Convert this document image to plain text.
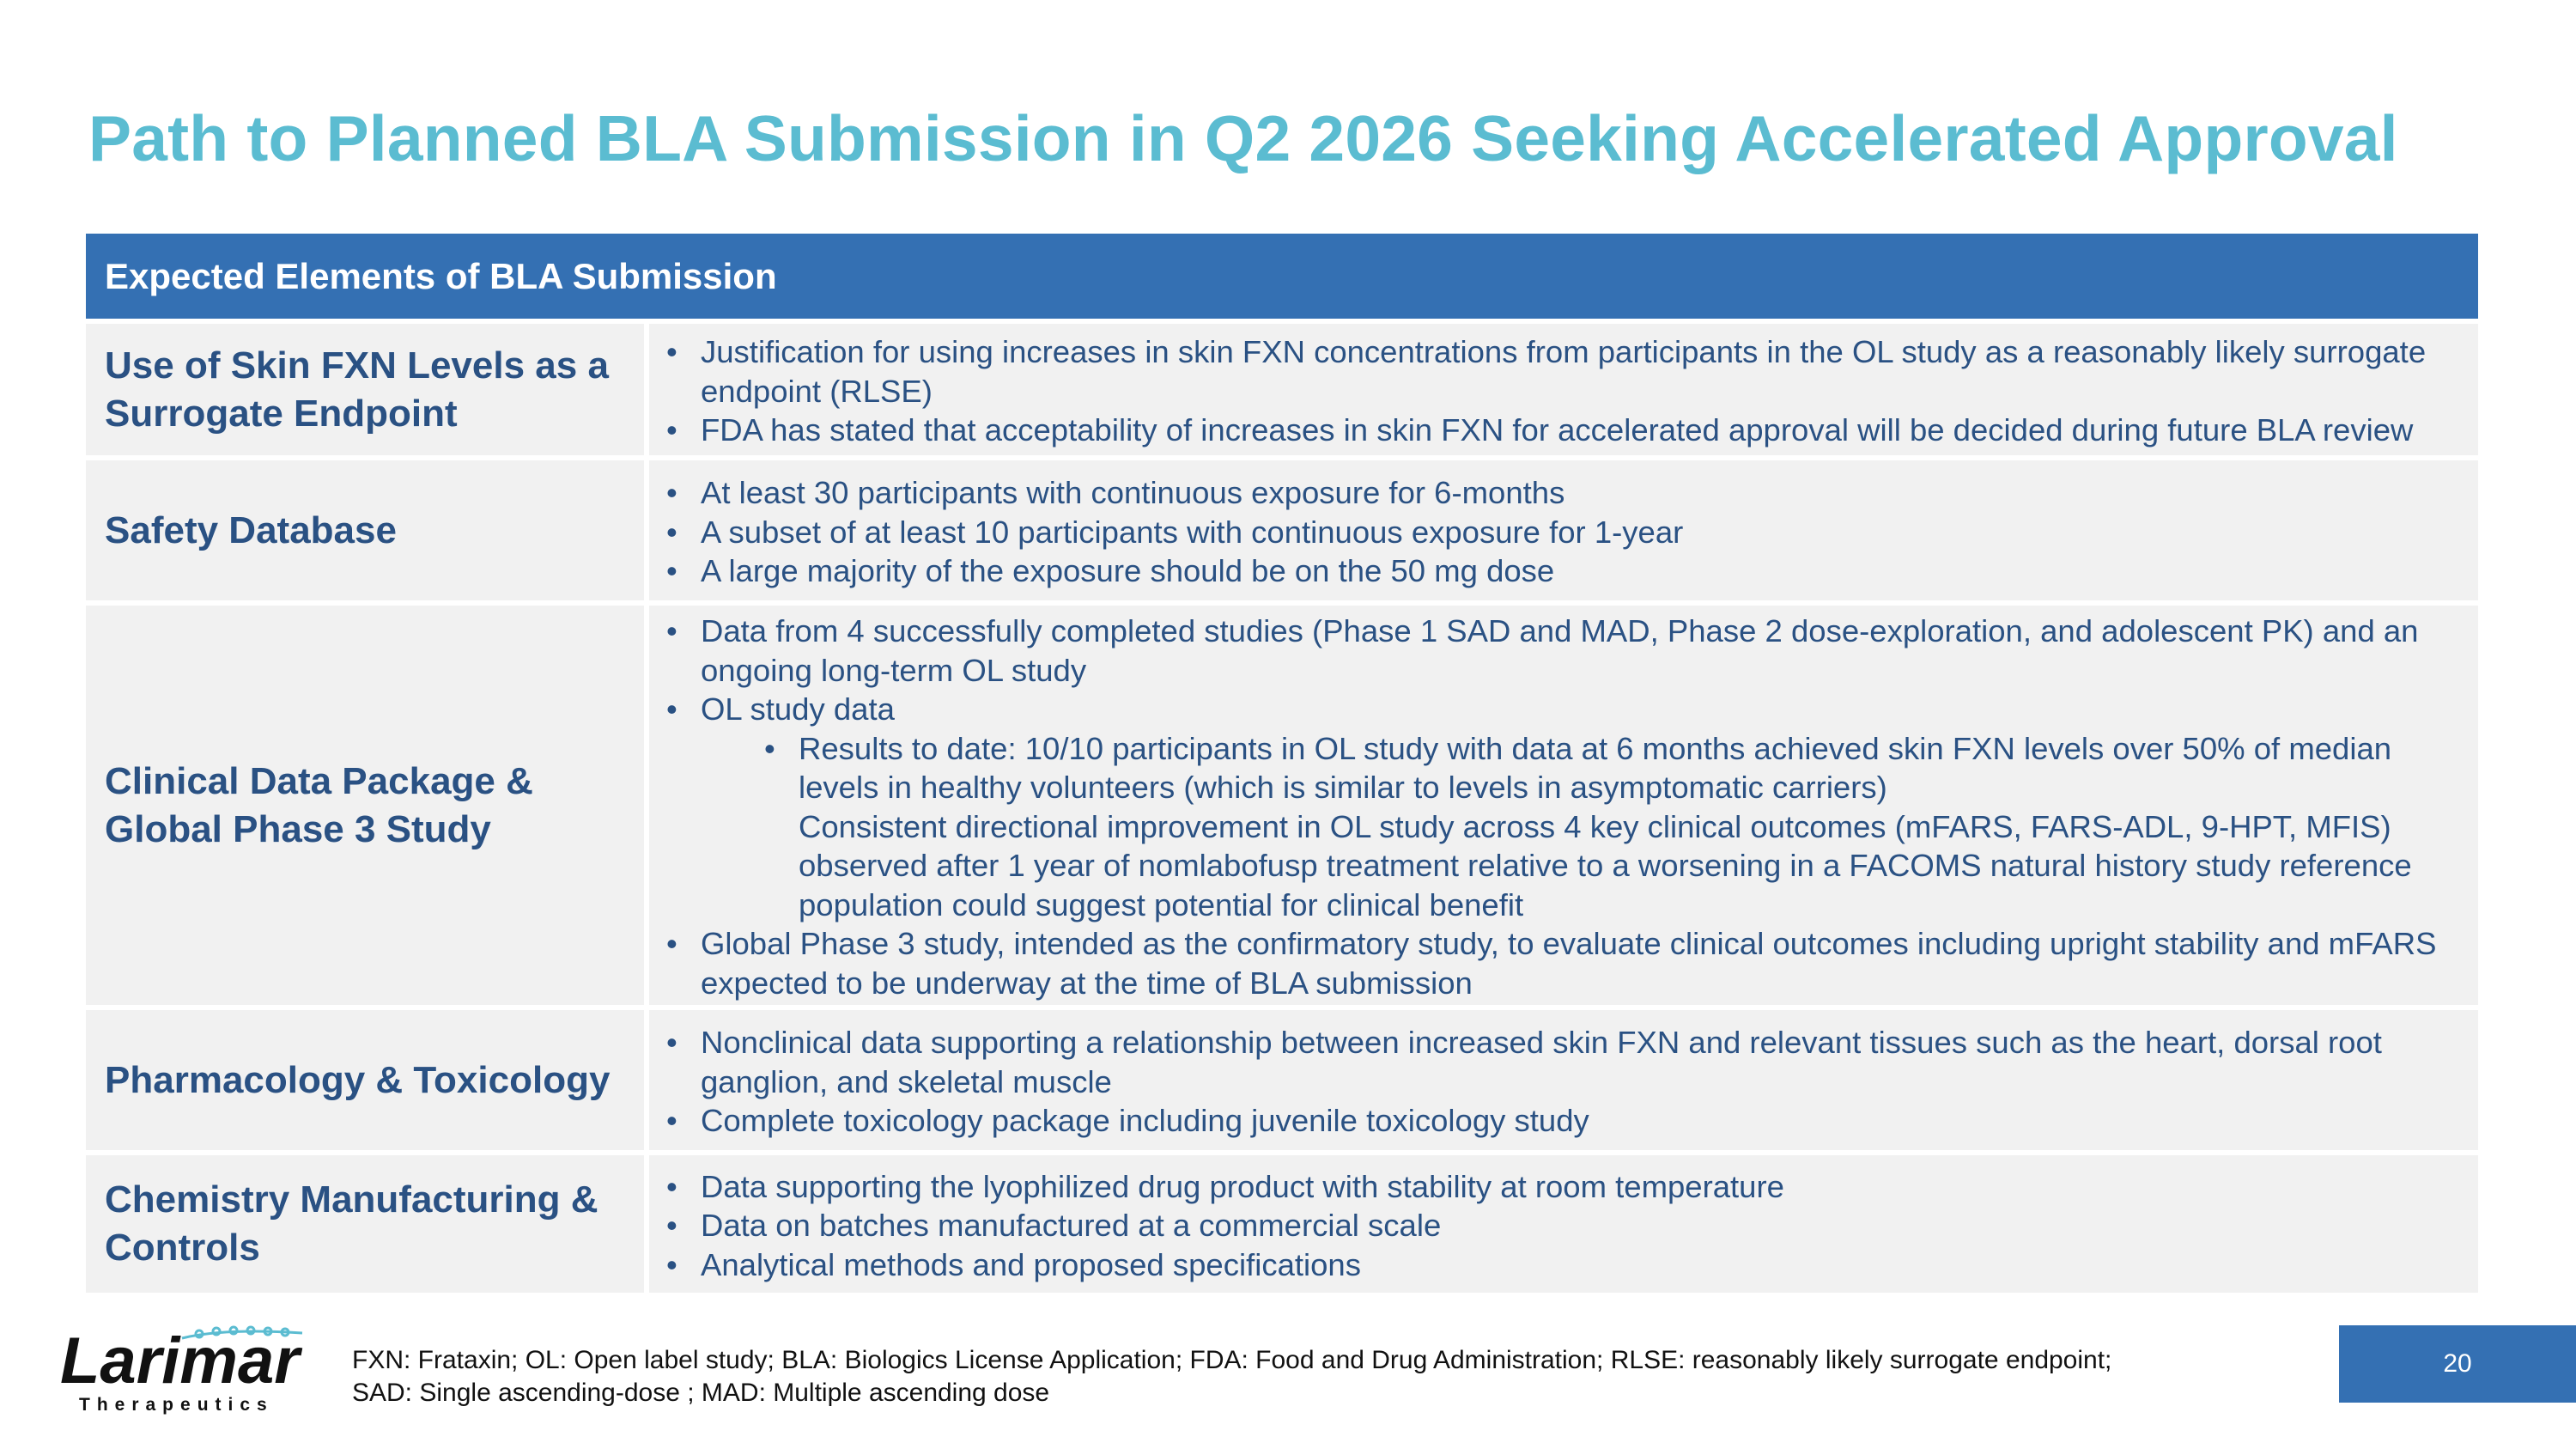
Path to Planned BLA Submission in Q2 2026 Seeking Accelerated Approval
Expected Elements of BLA Submission
Use of Skin FXN Levels as a
Surrogate Endpoint
• Justification for using increases in skin FXN concentrations from participants in the OL study as a reasonably likely surrogate endpoint (RLSE)
• FDA has stated that acceptability of increases in skin FXN for accelerated approval will be decided during future BLA review
Safety Database
• At least 30 participants with continuous exposure for 6-months
• A subset of at least 10 participants with continuous exposure for 1-year
• A large majority of the exposure should be on the 50 mg dose
Clinical Data Package &
Global Phase 3 Study
• Data from 4 successfully completed studies (Phase 1 SAD and MAD, Phase 2 dose-exploration, and adolescent PK) and an ongoing long-term OL study
• OL study data
• Results to date: 10/10 participants in OL study with data at 6 months achieved skin FXN levels over 50% of median levels in healthy volunteers (which is similar to levels in asymptomatic carriers)
Consistent directional improvement in OL study across 4 key clinical outcomes (mFARS, FARS-ADL, 9-HPT, MFIS) observed after 1 year of nomlabofusp treatment relative to a worsening in a FACOMS natural history study reference population could suggest potential for clinical benefit
• Global Phase 3 study, intended as the confirmatory study, to evaluate clinical outcomes including upright stability and mFARS expected to be underway at the time of BLA submission
Pharmacology & Toxicology
• Nonclinical data supporting a relationship between increased skin FXN and relevant tissues such as the heart, dorsal root ganglion, and skeletal muscle
• Complete toxicology package including juvenile toxicology study
Chemistry Manufacturing &
Controls
• Data supporting the lyophilized drug product with stability at room temperature
• Data on batches manufactured at a commercial scale
• Analytical methods and proposed specifications
Larimar
Therapeutics
FXN: Frataxin; OL: Open label study; BLA: Biologics License Application; FDA: Food and Drug Administration; RLSE: reasonably likely surrogate endpoint;
SAD: Single ascending-dose ; MAD: Multiple ascending dose
20
